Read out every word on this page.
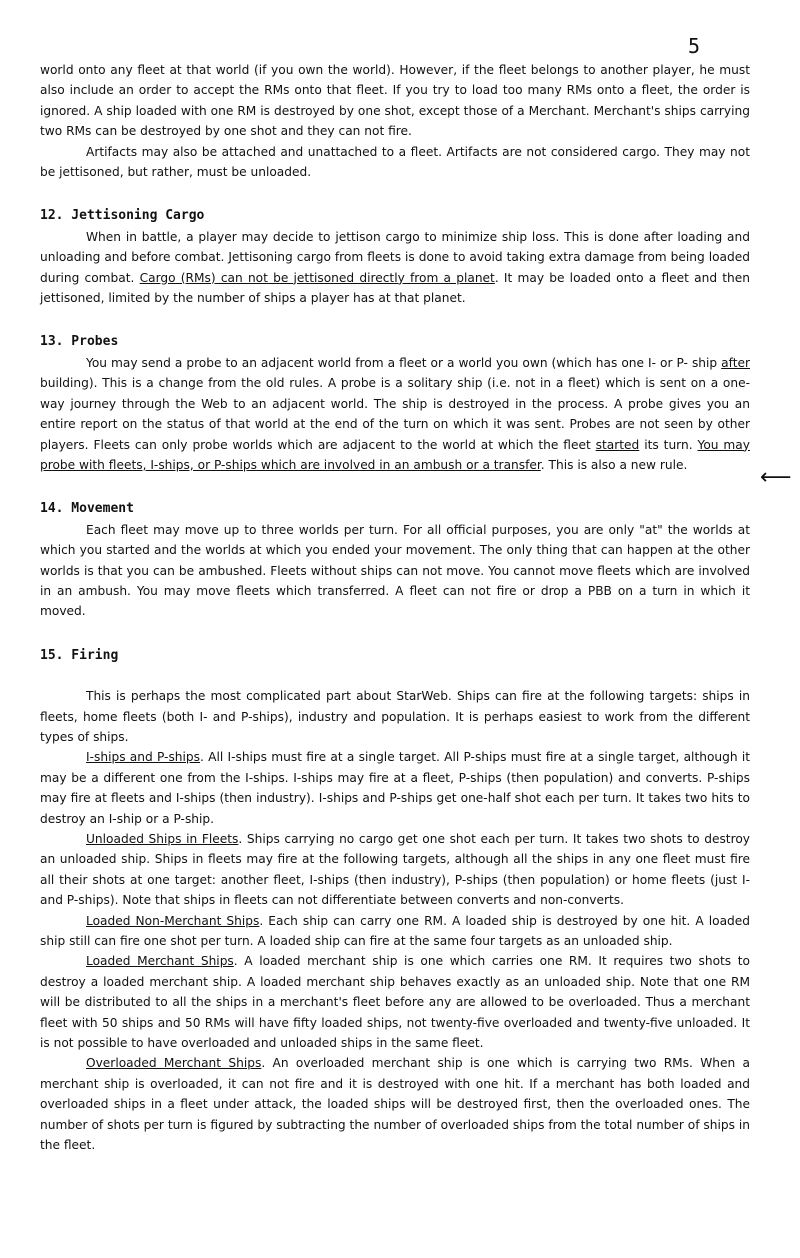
5
⟵

world onto any fleet at that world (if you own the world). However, if the fleet belongs to another player, he must also include an order to accept the RMs onto that fleet. If you try to load too many RMs onto a fleet, the order is ignored. A ship loaded with one RM is destroyed by one shot, except those of a Merchant. Merchant's ships carrying two RMs can be destroyed by one shot and they can not fire.

Artifacts may also be attached and unattached to a fleet. Artifacts are not considered cargo. They may not be jettisoned, but rather, must be unloaded.

12. Jettisoning Cargo

When in battle, a player may decide to jettison cargo to minimize ship loss. This is done after loading and unloading and before combat. Jettisoning cargo from fleets is done to avoid taking extra damage from being loaded during combat. Cargo (RMs) can not be jettisoned directly from a planet. It may be loaded onto a fleet and then jettisoned, limited by the number of ships a player has at that planet.

13. Probes

You may send a probe to an adjacent world from a fleet or a world you own (which has one I- or P- ship after building). This is a change from the old rules. A probe is a solitary ship (i.e. not in a fleet) which is sent on a one-way journey through the Web to an adjacent world. The ship is destroyed in the process. A probe gives you an entire report on the status of that world at the end of the turn on which it was sent. Probes are not seen by other players. Fleets can only probe worlds which are adjacent to the world at which the fleet started its turn. You may probe with fleets, I-ships, or P-ships which are involved in an ambush or a transfer. This is also a new rule.

14. Movement

Each fleet may move up to three worlds per turn. For all official purposes, you are only "at" the worlds at which you started and the worlds at which you ended your movement. The only thing that can happen at the other worlds is that you can be ambushed. Fleets without ships can not move. You cannot move fleets which are involved in an ambush. You may move fleets which transferred. A fleet can not fire or drop a PBB on a turn in which it moved.

15. Firing

This is perhaps the most complicated part about StarWeb. Ships can fire at the following targets: ships in fleets, home fleets (both I- and P-ships), industry and population. It is perhaps easiest to work from the different types of ships.

I-ships and P-ships. All I-ships must fire at a single target. All P-ships must fire at a single target, although it may be a different one from the I-ships. I-ships may fire at a fleet, P-ships (then population) and converts. P-ships may fire at fleets and I-ships (then industry). I-ships and P-ships get one-half shot each per turn. It takes two hits to destroy an I-ship or a P-ship.

Unloaded Ships in Fleets. Ships carrying no cargo get one shot each per turn. It takes two shots to destroy an unloaded ship. Ships in fleets may fire at the following targets, although all the ships in any one fleet must fire all their shots at one target: another fleet, I-ships (then industry), P-ships (then population) or home fleets (just I- and P-ships). Note that ships in fleets can not differentiate between converts and non-converts.

Loaded Non-Merchant Ships. Each ship can carry one RM. A loaded ship is destroyed by one hit. A loaded ship still can fire one shot per turn. A loaded ship can fire at the same four targets as an unloaded ship.

Loaded Merchant Ships. A loaded merchant ship is one which carries one RM. It requires two shots to destroy a loaded merchant ship. A loaded merchant ship behaves exactly as an unloaded ship. Note that one RM will be distributed to all the ships in a merchant's fleet before any are allowed to be overloaded. Thus a merchant fleet with 50 ships and 50 RMs will have fifty loaded ships, not twenty-five overloaded and twenty-five unloaded. It is not possible to have overloaded and unloaded ships in the same fleet.

Overloaded Merchant Ships. An overloaded merchant ship is one which is carrying two RMs. When a merchant ship is overloaded, it can not fire and it is destroyed with one hit. If a merchant has both loaded and overloaded ships in a fleet under attack, the loaded ships will be destroyed first, then the overloaded ones. The number of shots per turn is figured by subtracting the number of overloaded ships from the total number of ships in the fleet.
